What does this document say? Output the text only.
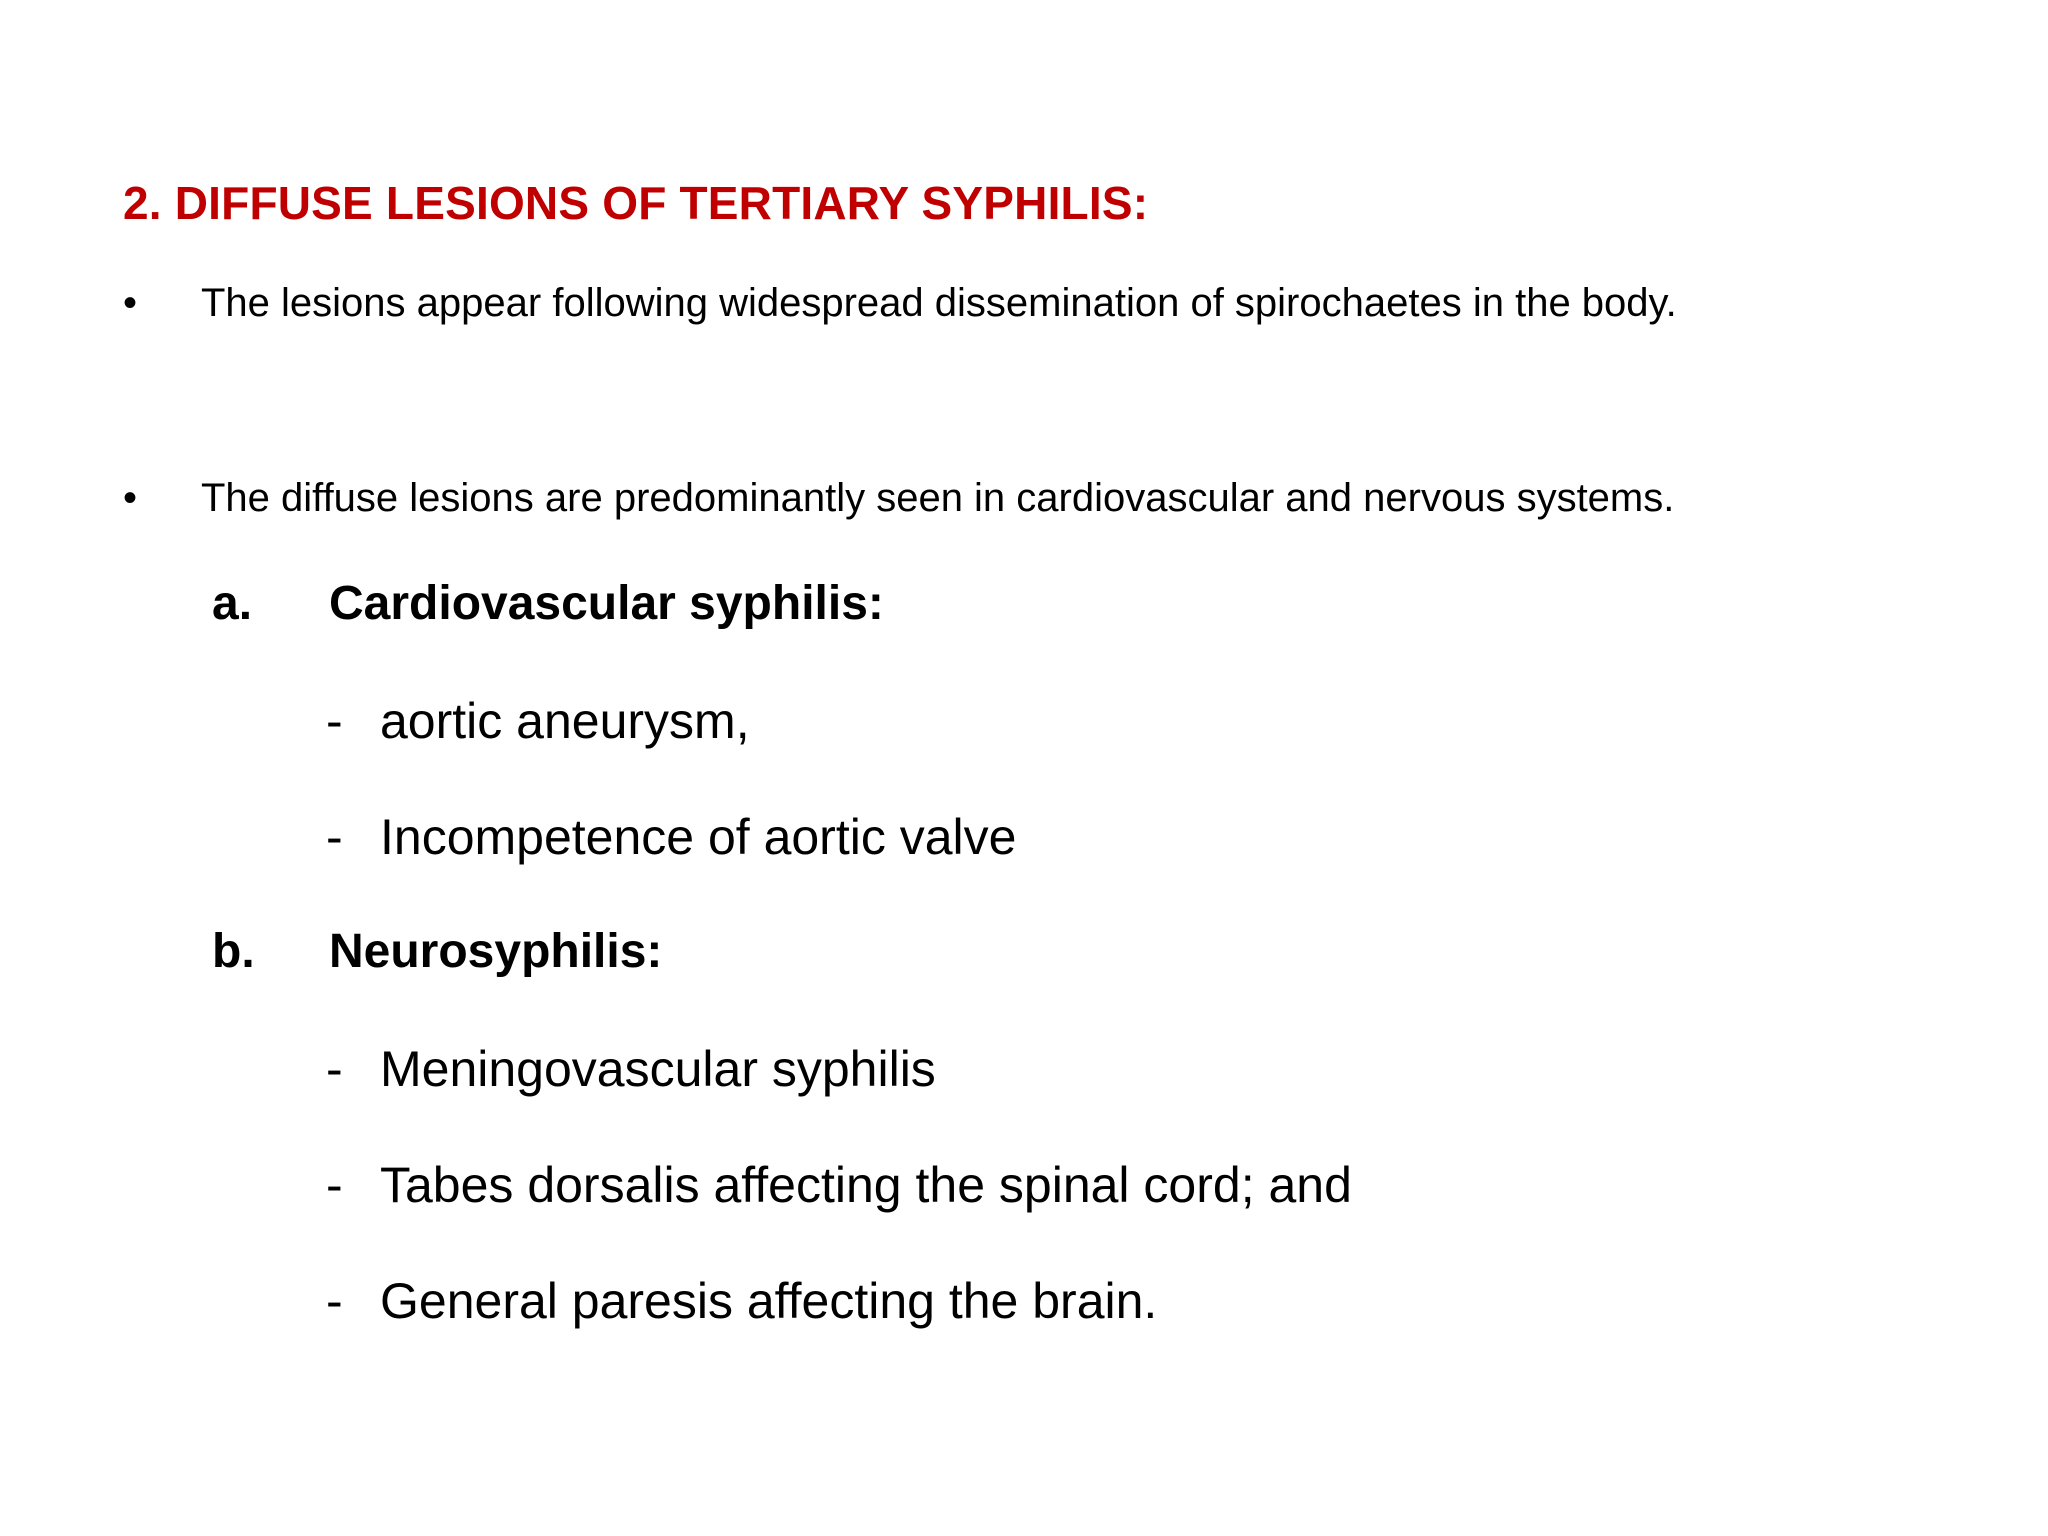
2. DIFFUSE LESIONS OF TERTIARY SYPHILIS:
•	The lesions appear following widespread dissemination of spirochaetes in the body.
•	The diffuse lesions are predominantly seen in cardiovascular and nervous systems.
a. Cardiovascular syphilis:
- aortic aneurysm,
- Incompetence of aortic valve
b. Neurosyphilis:
- Meningovascular syphilis
- Tabes dorsalis affecting the spinal cord; and
- General paresis affecting the brain.
